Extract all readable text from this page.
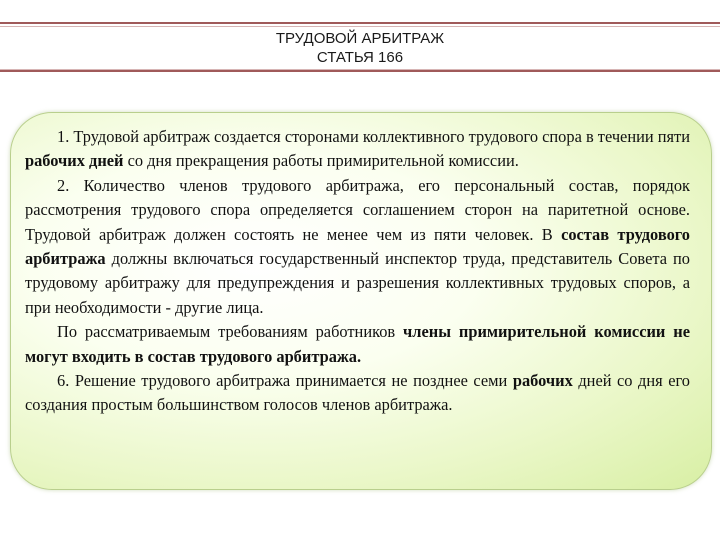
ТРУДОВОЙ АРБИТРАЖ
СТАТЬЯ 166

1. Трудовой арбитраж создается сторонами коллективного трудового спора в течении пяти рабочих дней со дня прекращения работы примирительной комиссии.

2. Количество членов трудового арбитража, его персональный состав, порядок рассмотрения трудового спора определяется соглашением сторон на паритетной основе. Трудовой арбитраж должен состоять не менее чем из пяти человек. В состав трудового арбитража должны включаться государственный инспектор труда, представитель Совета по трудовому арбитражу для предупреждения и разрешения коллективных трудовых споров, а при необходимости - другие лица.

По рассматриваемым требованиям работников члены примирительной комиссии не могут входить в состав трудового арбитража.

6. Решение трудового арбитража принимается не позднее семи рабочих дней со дня его создания простым большинством голосов членов арбитража.
